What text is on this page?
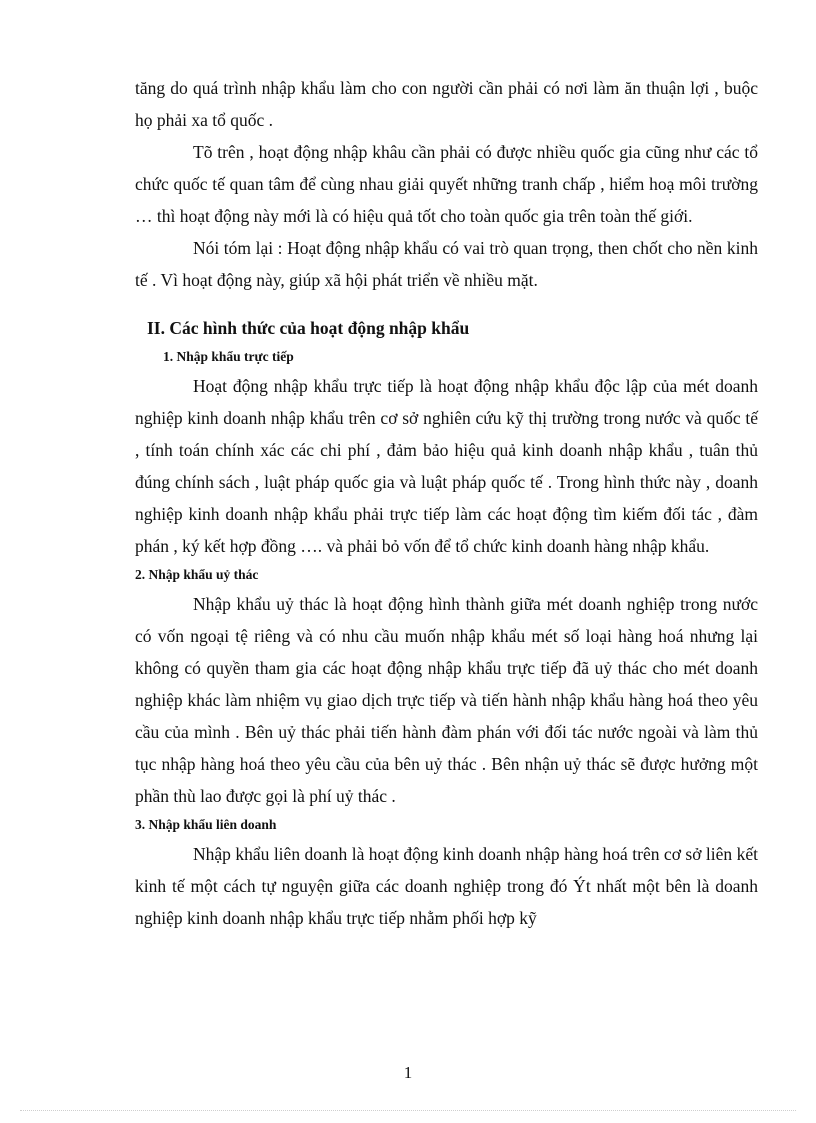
tăng do quá trình nhập khẩu làm cho con người cần phải có nơi làm ăn thuận lợi , buộc họ phải xa tổ quốc .

Tõ trên , hoạt động nhập khâu cần phải có được nhiều quốc gia cũng như các tổ chức quốc tế quan tâm để cùng nhau giải quyết những tranh chấp , hiểm hoạ môi trường … thì hoạt động này mới là có hiệu quả tốt cho toàn quốc gia trên toàn thế giới.

Nói tóm lại : Hoạt động nhập khẩu có vai trò quan trọng, then chốt cho nền kinh tế . Vì hoạt động này, giúp xã hội phát triển về nhiều mặt.

II. Các hình thức của hoạt động nhập khẩu
1. Nhập khẩu trực tiếp

Hoạt động nhập khẩu trực tiếp là hoạt động nhập khẩu độc lập của mét doanh nghiệp kinh doanh nhập khẩu trên cơ sở nghiên cứu kỹ thị trường trong nước và quốc tế , tính toán chính xác các chi phí , đảm bảo hiệu quả kinh doanh nhập khẩu , tuân thủ đúng chính sách , luật pháp quốc gia và luật pháp quốc tế . Trong hình thức này , doanh nghiệp kinh doanh nhập khẩu phải trực tiếp làm các hoạt động tìm kiếm đối tác , đàm phán , ký kết hợp đồng …. và phải bỏ vốn để tổ chức kinh doanh hàng nhập khẩu.

2. Nhập khẩu uỷ thác

Nhập khẩu uỷ thác là hoạt động hình thành giữa mét doanh nghiệp trong nước có vốn ngoại tệ riêng và có nhu cầu muốn nhập khẩu mét số loại hàng hoá nhưng lại không có quyền tham gia các hoạt động nhập khẩu trực tiếp đã uỷ thác cho mét doanh nghiệp khác làm nhiệm vụ giao dịch trực tiếp và tiến hành nhập khẩu hàng hoá theo yêu cầu của mình . Bên uỷ thác phải tiến hành đàm phán với đối tác nước ngoài và làm thủ tục nhập hàng hoá theo yêu cầu của bên uỷ thác . Bên nhận uỷ thác sẽ được hưởng một phần thù lao được gọi là phí uỷ thác .

3. Nhập khẩu liên doanh

Nhập khẩu liên doanh là hoạt động kinh doanh nhập hàng hoá trên cơ sở liên kết kinh tế một cách tự nguyện giữa các doanh nghiệp trong đó Ýt nhất một bên là doanh nghiệp kinh doanh nhập khẩu trực tiếp nhằm phối hợp kỹ

1
